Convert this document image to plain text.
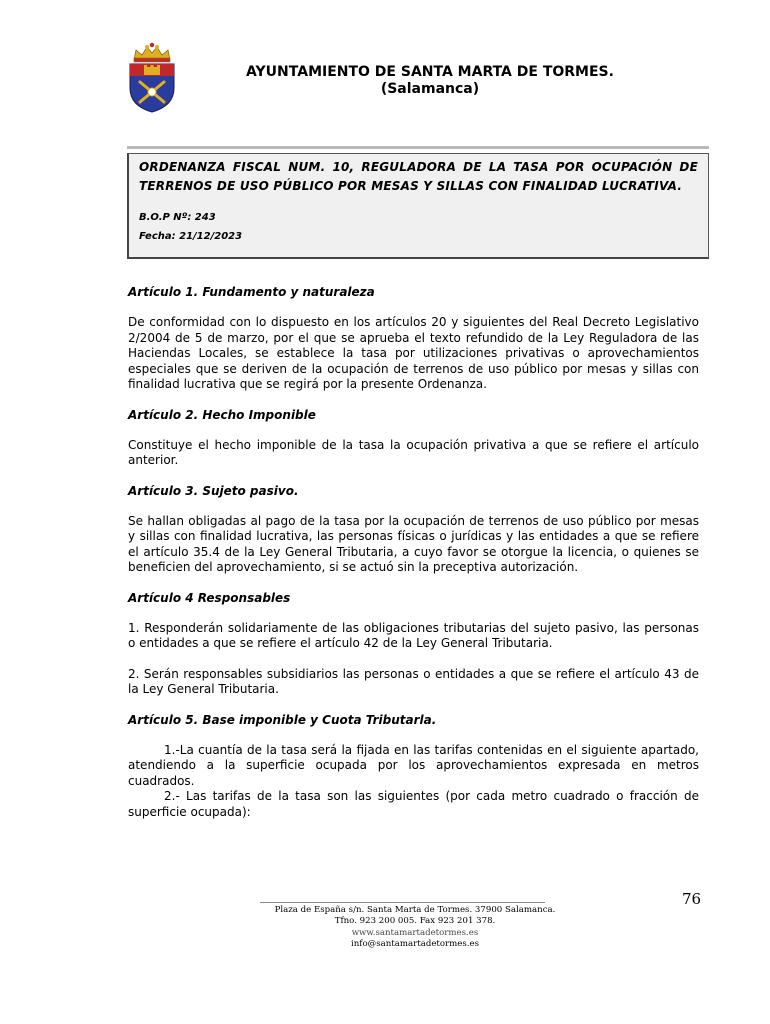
AYUNTAMIENTO DE SANTA MARTA DE TORMES.
(Salamanca)
ORDENANZA FISCAL NUM. 10, REGULADORA DE LA TASA POR OCUPACIÓN DE TERRENOS DE USO PÚBLICO POR MESAS Y SILLAS CON FINALIDAD LUCRATIVA.
B.O.P Nº: 243
Fecha: 21/12/2023
Artículo 1. Fundamento y naturaleza
De conformidad con lo dispuesto en los artículos 20 y siguientes del Real Decreto Legislativo 2/2004 de 5 de marzo, por el que se aprueba el texto refundido de la Ley Reguladora de las Haciendas Locales, se establece la tasa por utilizaciones privativas o aprovechamientos especiales que se deriven de la ocupación de terrenos de uso público por mesas y sillas con finalidad lucrativa que se regirá por la presente Ordenanza.
Artículo 2. Hecho Imponible
Constituye el hecho imponible de la tasa la ocupación privativa a que se refiere el artículo anterior.
Artículo 3. Sujeto pasivo.
Se hallan obligadas al pago de la tasa por la ocupación de terrenos de uso público por mesas y sillas con finalidad lucrativa, las personas físicas o jurídicas y las entidades a que se refiere el artículo 35.4 de la Ley General Tributaria, a cuyo favor se otorgue la licencia, o quienes se beneficien del aprovechamiento, si se actuó sin la preceptiva autorización.
Artículo 4 Responsables
1. Responderán solidariamente de las obligaciones tributarias del sujeto pasivo, las personas o entidades a que se refiere el artículo 42 de la Ley General Tributaria.
2. Serán responsables subsidiarios las personas o entidades a que se refiere el artículo 43 de la Ley General Tributaria.
Artículo 5. Base imponible y Cuota Tributarla.
1.-La cuantía de la tasa será la fijada en las tarifas contenidas en el siguiente apartado, atendiendo a la superficie ocupada por los aprovechamientos expresada en metros cuadrados.
2.- Las tarifas de la tasa son las siguientes (por cada metro cuadrado o fracción de superficie ocupada):
76
Plaza de España s/n. Santa Marta de Tormes. 37900 Salamanca.
Tfno. 923 200 005. Fax 923 201 378.
www.santamartadetormes.es
info@santamartadetormes.es
